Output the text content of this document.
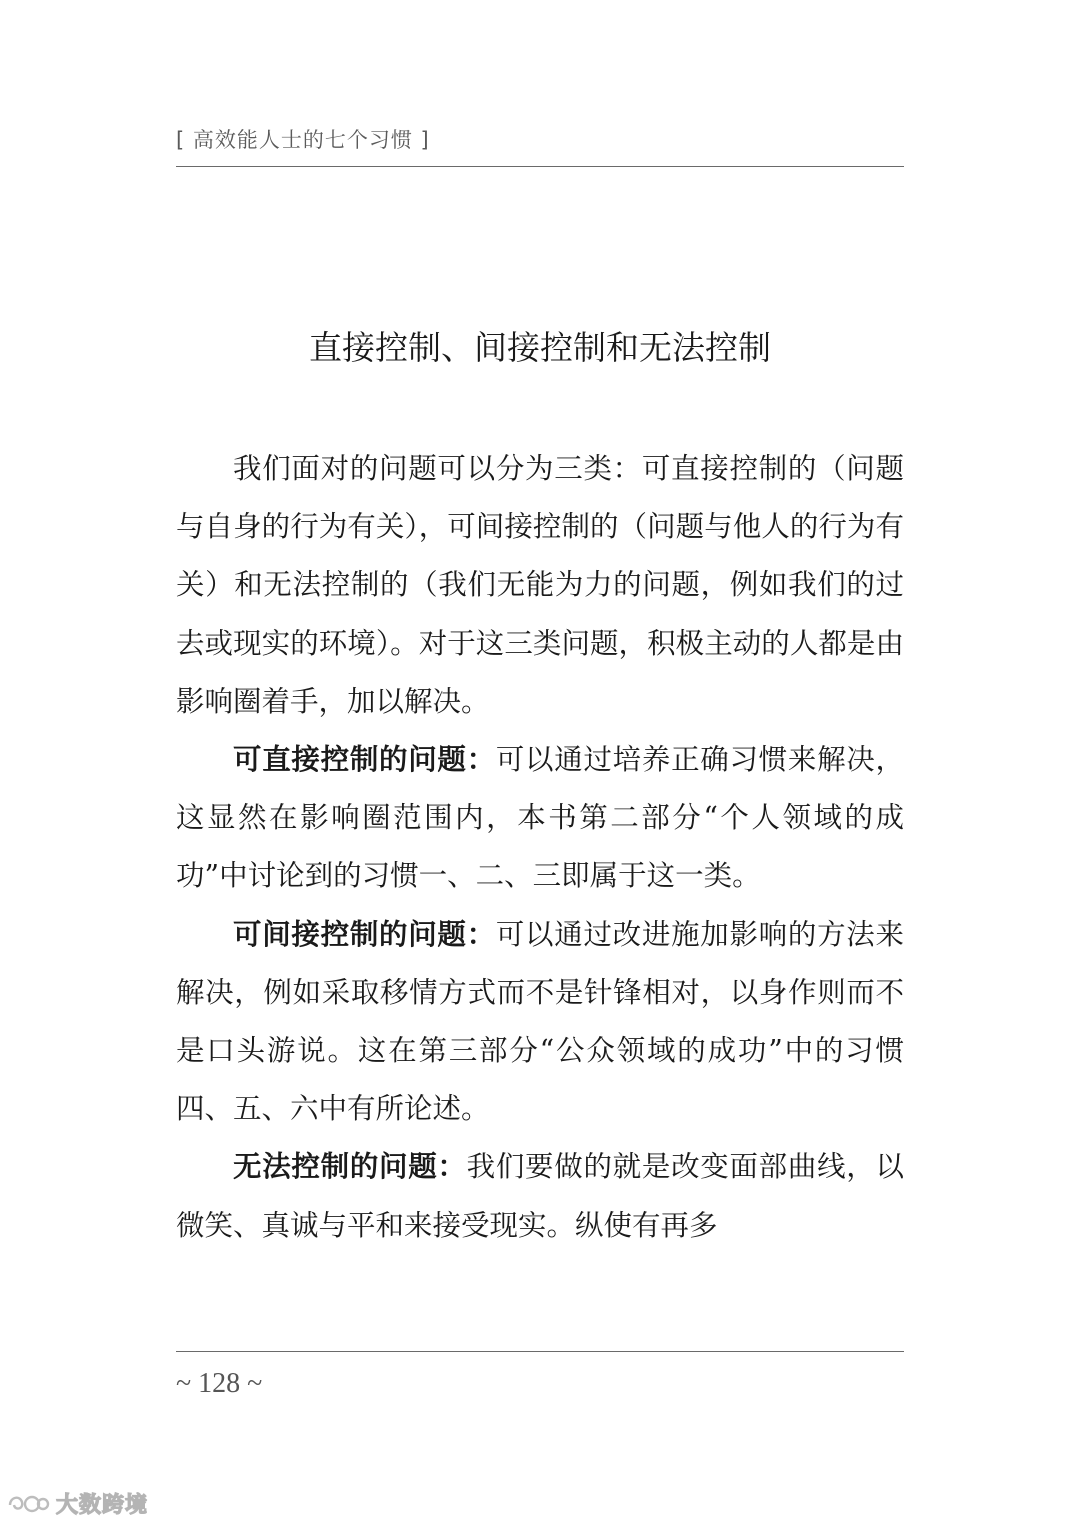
[ 高效能人士的七个习惯 ]
直接控制、间接控制和无法控制

我们面对的问题可以分为三类：可直接控制的（问题与自身的行为有关），可间接控制的（问题与他人的行为有关）和无法控制的（我们无能为力的问题，例如我们的过去或现实的环境）。对于这三类问题，积极主动的人都是由影响圈着手，加以解决。

可直接控制的问题：可以通过培养正确习惯来解决，这显然在影响圈范围内，本书第二部分“个人领域的成功”中讨论到的习惯一、二、三即属于这一类。

可间接控制的问题：可以通过改进施加影响的方法来解决，例如采取移情方式而不是针锋相对，以身作则而不是口头游说。这在第三部分“公众领域的成功”中的习惯四、五、六中有所论述。

无法控制的问题：我们要做的就是改变面部曲线，以微笑、真诚与平和来接受现实。纵使有再多

~ 128 ~
大数跨境
